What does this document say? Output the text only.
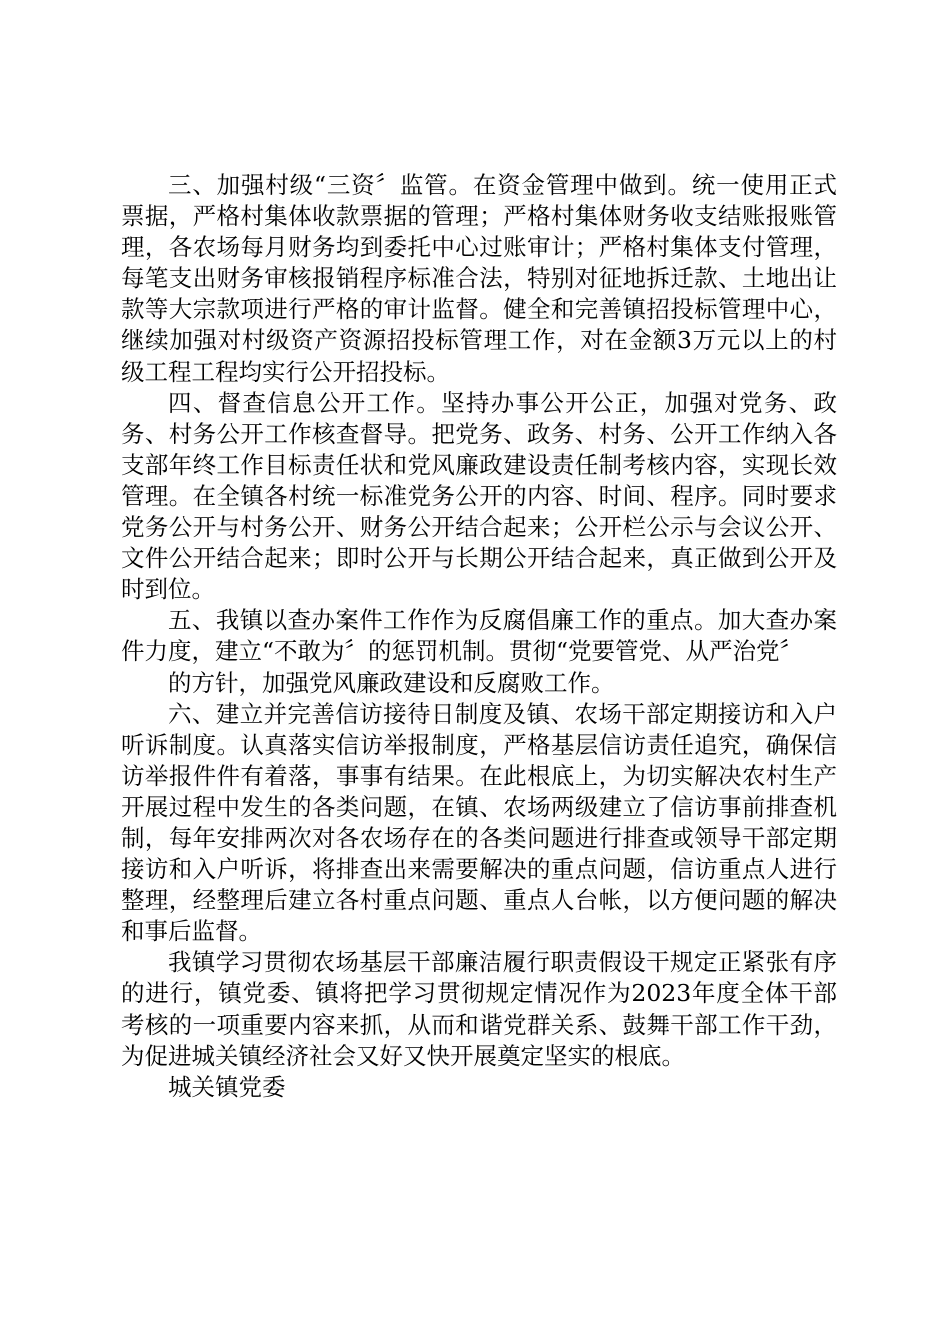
三、加强村级“三资〞监管。在资金管理中做到。统一使用正式票据，严格村集体收款票据的管理；严格村集体财务收支结账报账管理，各农场每月财务均到委托中心过账审计；严格村集体支付管理，每笔支出财务审核报销程序标准合法，特别对征地拆迁款、土地出让款等大宗款项进行严格的审计监督。健全和完善镇招投标管理中心，继续加强对村级资产资源招投标管理工作，对在金额3万元以上的村级工程工程均实行公开招投标。

四、督查信息公开工作。坚持办事公开公正，加强对党务、政务、村务公开工作核查督导。把党务、政务、村务、公开工作纳入各支部年终工作目标责任状和党风廉政建设责任制考核内容，实现长效管理。在全镇各村统一标准党务公开的内容、时间、程序。同时要求党务公开与村务公开、财务公开结合起来；公开栏公示与会议公开、文件公开结合起来；即时公开与长期公开结合起来，真正做到公开及时到位。

五、我镇以查办案件工作作为反腐倡廉工作的重点。加大查办案件力度，建立“不敢为〞的惩罚机制。贯彻“党要管党、从严治党〞

的方针，加强党风廉政建设和反腐败工作。

六、建立并完善信访接待日制度及镇、农场干部定期接访和入户听诉制度。认真落实信访举报制度，严格基层信访责任追究，确保信访举报件件有着落，事事有结果。在此根底上，为切实解决农村生产开展过程中发生的各类问题，在镇、农场两级建立了信访事前排查机制，每年安排两次对各农场存在的各类问题进行排查或领导干部定期接访和入户听诉，将排查出来需要解决的重点问题，信访重点人进行整理，经整理后建立各村重点问题、重点人台帐，以方便问题的解决和事后监督。

我镇学习贯彻农场基层干部廉洁履行职责假设干规定正紧张有序的进行，镇党委、镇将把学习贯彻规定情况作为2023年度全体干部考核的一项重要内容来抓，从而和谐党群关系、鼓舞干部工作干劲，为促进城关镇经济社会又好又快开展奠定坚实的根底。

城关镇党委
